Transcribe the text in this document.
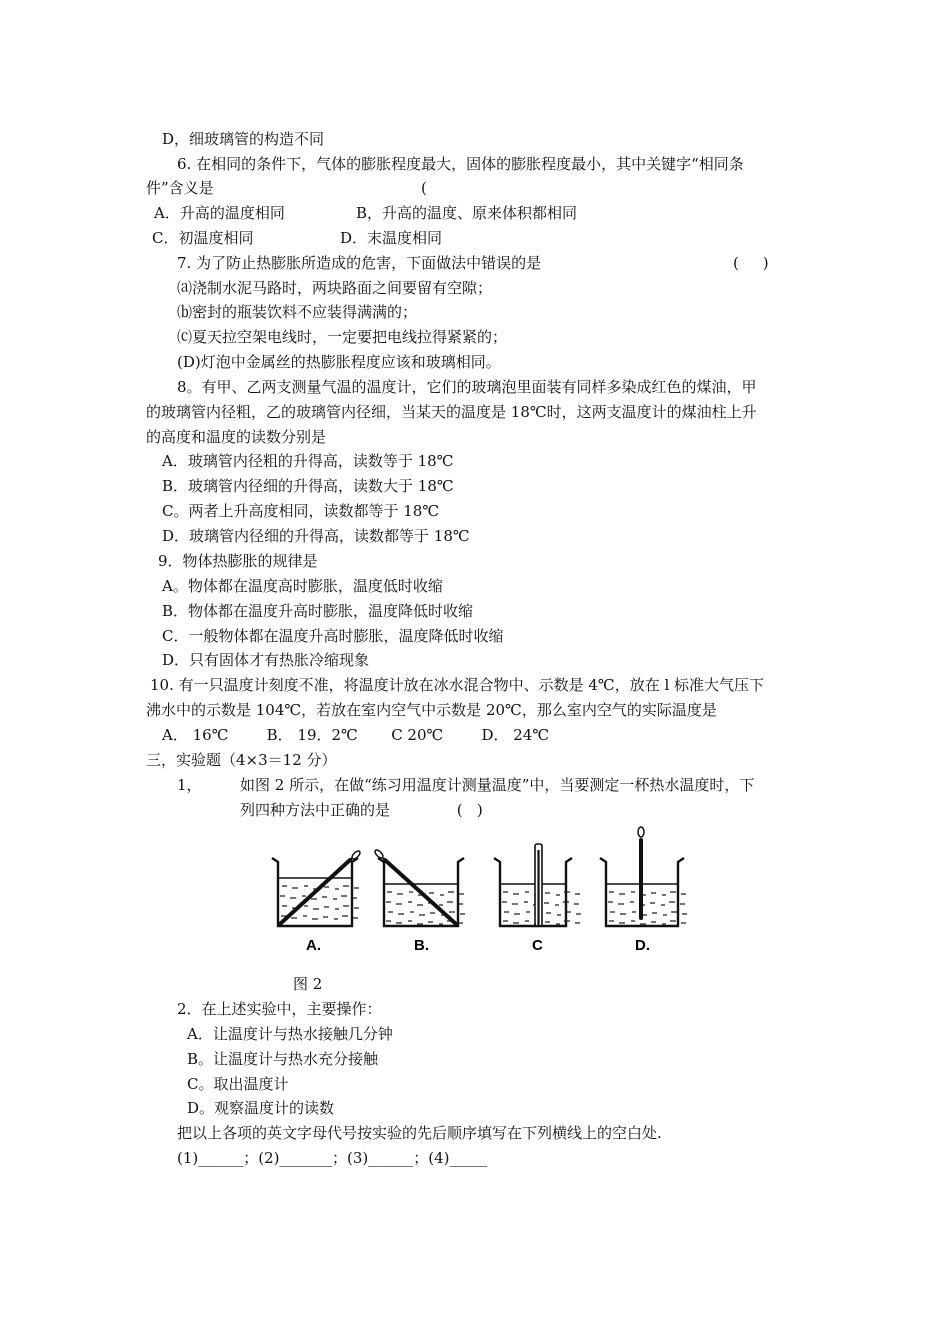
D，细玻璃管的构造不同
6. 在相同的条件下，气体的膨胀程度最大，固体的膨胀程度最小，其中关键字“相同条
件”含义是	(
A．升高的温度相同	B，升高的温度、原来体积都相同
C．初温度相同	D．末温度相同
7. 为了防止热膨胀所造成的危害，下面做法中错误的是	(     )
⒜浇制水泥马路时，两块路面之间要留有空隙；
⒝密封的瓶装饮料不应装得满满的；
⒞夏天拉空架电线时，一定要把电线拉得紧紧的；
(D)灯泡中金属丝的热膨胀程度应该和玻璃相同。
8。有甲、乙两支测量气温的温度计，它们的玻璃泡里面装有同样多染成红色的煤油，甲
的玻璃管内径粗，乙的玻璃管内径细，当某天的温度是 18℃时，这两支温度计的煤油柱上升
的高度和温度的读数分别是
A．玻璃管内径粗的升得高，读数等于 18℃
B．玻璃管内径细的升得高，读数大于 18℃
C。两者上升高度相同，读数都等于 18℃
D．玻璃管内径细的升得高，读数都等于 18℃
9．物体热膨胀的规律是
A。物体都在温度高时膨胀，温度低时收缩
B．物体都在温度升高时膨胀，温度降低时收缩
C．一般物体都在温度升高时膨胀，温度降低时收缩
D．只有固体才有热胀冷缩现象
10. 有一只温度计刻度不准，将温度计放在冰水混合物中、示数是 4℃，放在 l 标准大气压下
沸水中的示数是 104℃，若放在室内空气中示数是 20℃，那么室内空气的实际温度是
A． 16℃        B． 19．2℃       C 20℃        D． 24℃
三，实验题（4×3＝12 分）
1，	如图 2 所示，在做“练习用温度计测量温度”中，当要测定一杯热水温度时，下
列四种方法中正确的是              (   )
A.	B.	C	D.
图 2
2．在上述实验中，主要操作：
A．让温度计与热水接触几分钟
B。让温度计与热水充分接触
C。取出温度计
D。观察温度计的读数
把以上各项的英文字母代号按实验的先后顺序填写在下列横线上的空白处.
(1)______；(2)_______；(3)______；(4)_____
